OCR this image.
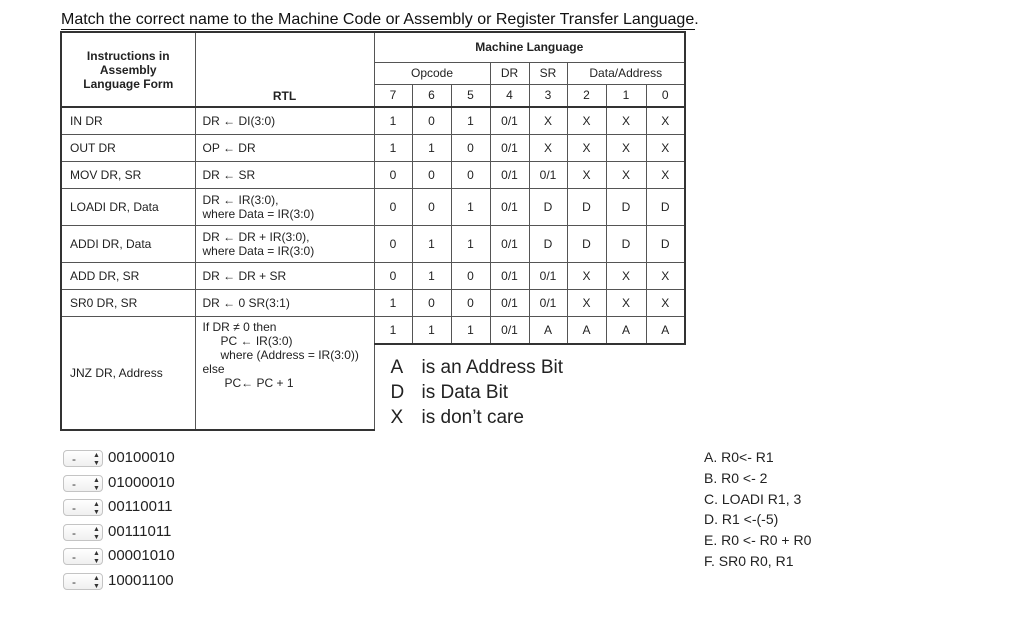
Match the correct name to the Machine Code or Assembly or Register Transfer Language.
Instructions in
Assembly
Language Form	RTL	Machine Language							
		Opcode			DR	SR	Data/Address		
		7	6	5	4	3	2	1	0
IN DR	DR ← DI(3:0)	1	0	1	0/1	X	X	X	X
OUT DR	OP ← DR	1	1	0	0/1	X	X	X	X
MOV DR, SR	DR ← SR	0	0	0	0/1	0/1	X	X	X
LOADI DR, Data	DR ← IR(3:0),
where Data = IR(3:0)	0	0	1	0/1	D	D	D	D
ADDI DR, Data	DR ← DR + IR(3:0),
where Data = IR(3:0)	0	1	1	0/1	D	D	D	D
ADD DR, SR	DR ← DR + SR	0	1	0	0/1	0/1	X	X	X
SR0 DR, SR	DR ← 0 SR(3:1)	1	0	0	0/1	0/1	X	X	X
JNZ DR, Address	If DR ≠ 0 then
PC ← IR(3:0)
where (Address = IR(3:0))
else
PC← PC + 1	1	1	1	0/1	A	A	A	A

		A is an Address Bit
D is Data Bit
X is don’t care							
- ▲
▼ 00100010
- ▲
▼ 01000010
- ▲
▼ 00110011
- ▲
▼ 00111011
- ▲
▼ 00001010
- ▲
▼ 10001100
A. R0<- R1
B. R0 <- 2
C. LOADI R1, 3
D. R1 <-(-5)
E. R0 <- R0 + R0
F. SR0 R0, R1
